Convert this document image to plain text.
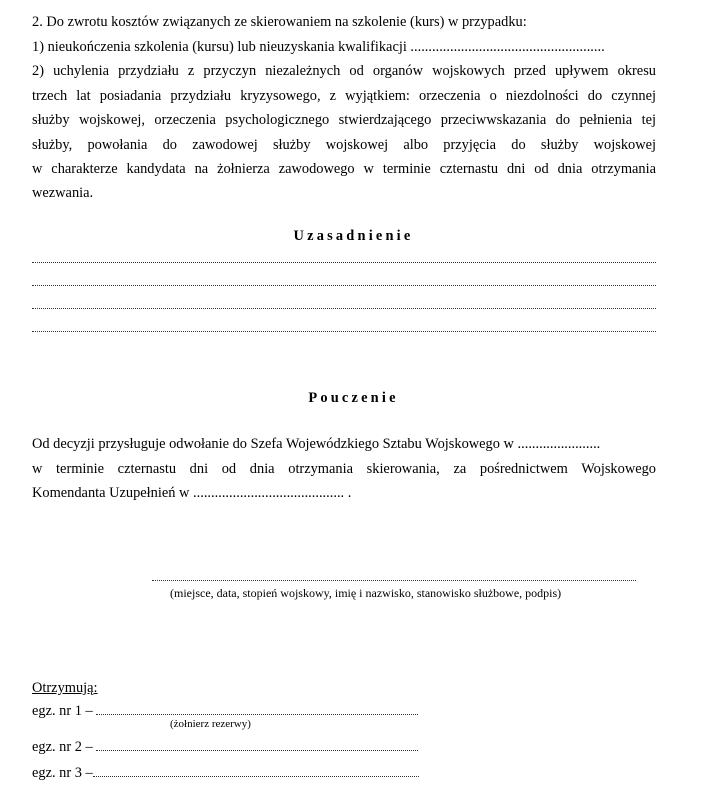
2. Do zwrotu kosztów związanych ze skierowaniem na szkolenie (kurs) w przypadku:
1) nieukończenia szkolenia (kursu) lub nieuzyskania kwalifikacji ......................................................
2) uchylenia przydziału z przyczyn niezależnych od organów wojskowych przed upływem okresu
trzech lat posiadania przydziału kryzysowego, z wyjątkiem: orzeczenia o niezdolności do czynnej
służby wojskowej, orzeczenia psychologicznego stwierdzającego przeciwwskazania do pełnienia tej
służby, powołania do zawodowej służby wojskowej albo przyjęcia do służby wojskowej
w charakterze kandydata na żołnierza zawodowego w terminie czternastu dni od dnia otrzymania
wezwania.
Uzasadnienie
Pouczenie
Od decyzji przysługuje odwołanie do Szefa Wojewódzkiego Sztabu Wojskowego w .......................
w terminie czternastu dni od dnia otrzymania skierowania, za pośrednictwem Wojskowego
Komendanta Uzupełnień w .......................................... .
(miejsce, data, stopień wojskowy, imię i nazwisko, stanowisko służbowe, podpis)
Otrzymują:
egz. nr 1 –
(żołnierz rezerwy)
egz. nr 2 –
egz. nr 3 –
